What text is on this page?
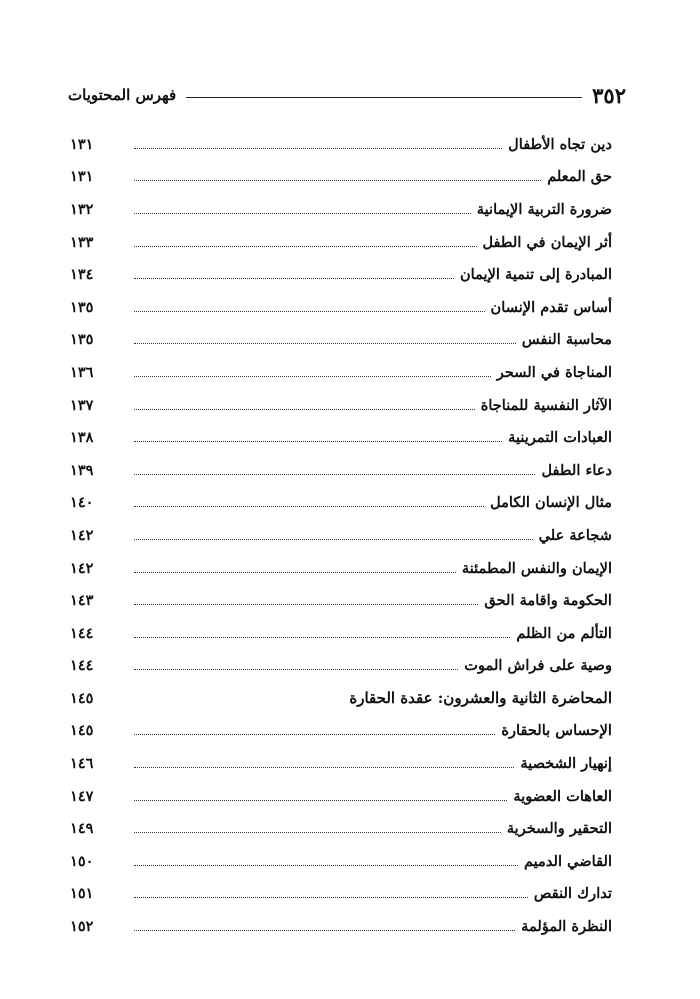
٣٥٢
فهرس المحتويات
دين تجاه الأطفال
١٣١
حق المعلم
١٣١
ضرورة التربية الإيمانية
١٣٢
أثر الإيمان في الطفل
١٣٣
المبادرة إلى تنمية الإيمان
١٣٤
أساس تقدم الإنسان
١٣٥
محاسبة النفس
١٣٥
المناجاة في السحر
١٣٦
الآثار النفسية للمناجاة
١٣٧
العبادات التمرينية
١٣٨
دعاء الطفل
١٣٩
مثال الإنسان الكامل
١٤٠
شجاعة علي
١٤٢
الإيمان والنفس المطمئنة
١٤٢
الحكومة واقامة الحق
١٤٣
التألم من الظلم
١٤٤
وصية على فراش الموت
١٤٤
المحاضرة الثانية والعشرون: عقدة الحقارة
١٤٥
الإحساس بالحقارة
١٤٥
إنهيار الشخصية
١٤٦
العاهات العضوية
١٤٧
التحقير والسخرية
١٤٩
القاضي الدميم
١٥٠
تدارك النقص
١٥١
النظرة المؤلمة
١٥٢
